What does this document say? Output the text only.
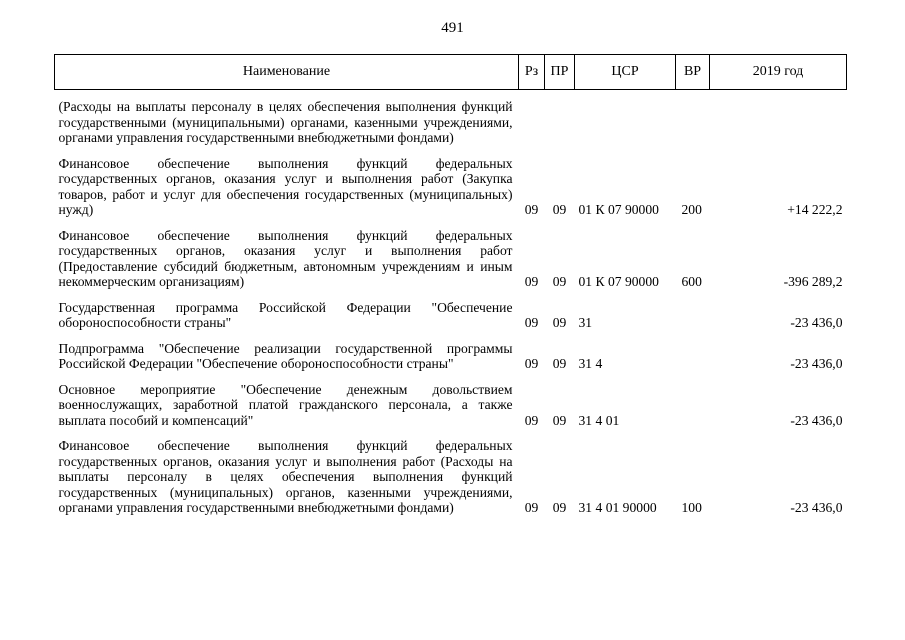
491
Наименование	Рз	ПР	ЦСР	ВР	2019 год
(Расходы на выплаты персоналу в целях обеспечения выполнения функций государственными (муниципальными) органами, казенными учреждениями, органами управления государственными внебюджетными фондами)					
Финансовое обеспечение выполнения функций федеральных государственных органов, оказания услуг и выполнения работ (Закупка товаров, работ и услуг для обеспечения государственных (муниципальных) нужд)	09	09	01 К 07 90000	200	+14 222,2
Финансовое обеспечение выполнения функций федеральных государственных органов, оказания услуг и выполнения работ (Предоставление субсидий бюджетным, автономным учреждениям и иным некоммерческим организациям)	09	09	01 К 07 90000	600	-396 289,2
Государственная программа Российской Федерации "Обеспечение обороноспособности страны"	09	09	31		-23 436,0
Подпрограмма "Обеспечение реализации государственной программы Российской Федерации "Обеспечение обороноспособности страны"	09	09	31 4		-23 436,0
Основное мероприятие "Обеспечение денежным довольствием военнослужащих, заработной платой гражданского персонала, а также выплата пособий и компенсаций"	09	09	31 4 01		-23 436,0
Финансовое обеспечение выполнения функций федеральных государственных органов, оказания услуг и выполнения работ (Расходы на выплаты персоналу в целях обеспечения выполнения функций государственных (муниципальных) органов, казенными учреждениями, органами управления государственными внебюджетными фондами)	09	09	31 4 01 90000	100	-23 436,0
